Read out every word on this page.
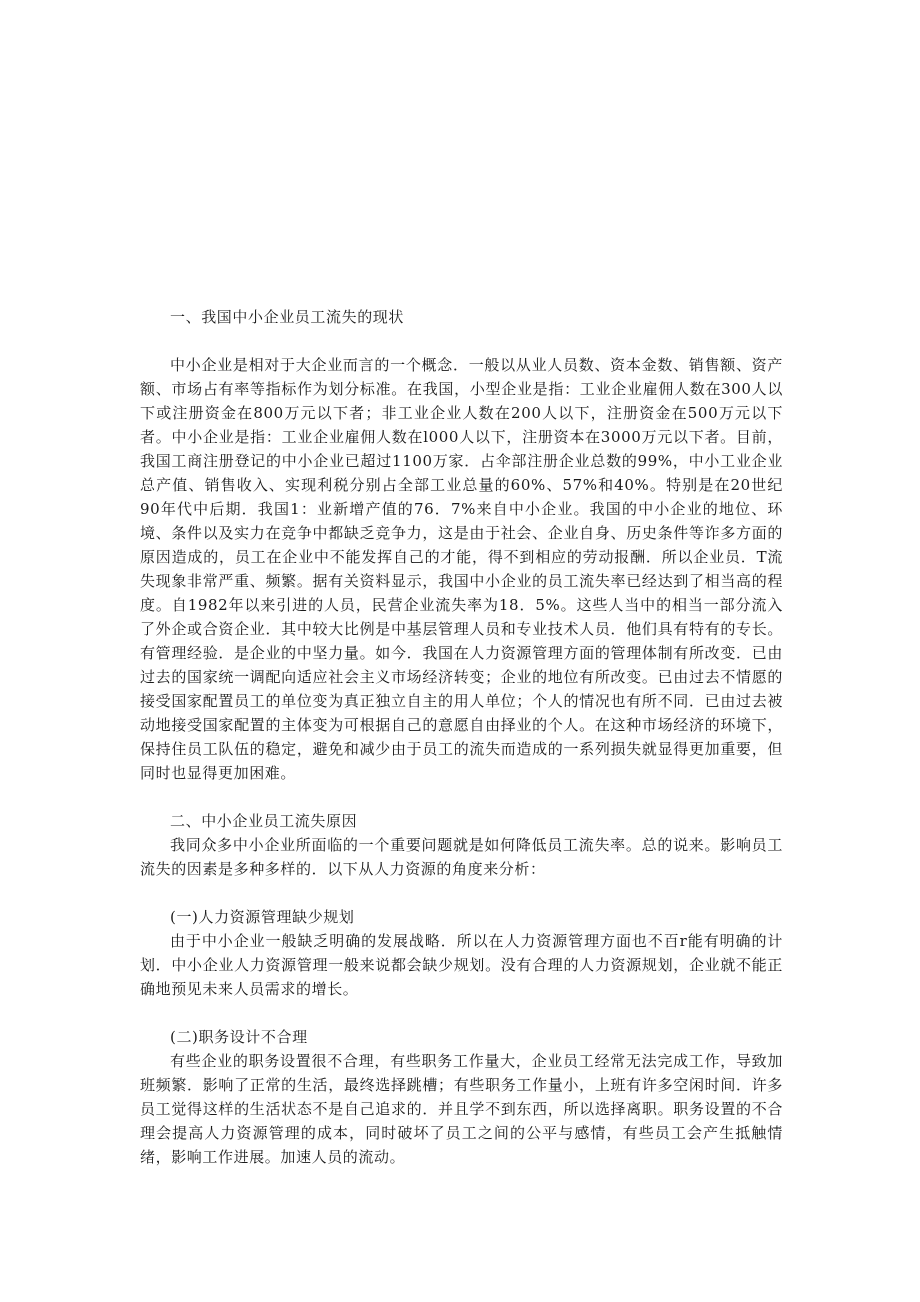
一、我国中小企业员工流失的现状

中小企业是相对于大企业而言的一个概念．一般以从业人员数、资本金数、销售额、资产额、市场占有率等指标作为划分标准。在我国，小型企业是指：工业企业雇佣人数在300人以下或注册资金在800万元以下者；非工业企业人数在200人以下，注册资金在500万元以下者。中小企业是指：工业企业雇佣人数在l000人以下，注册资本在3000万元以下者。目前，我国工商注册登记的中小企业已超过1100万家．占伞部注册企业总数的99%，中小工业企业总产值、销售收入、实现利税分别占全部工业总量的60%、57%和40%。特别是在20世纪90年代中后期．我国1：业新增产值的76．7%来自中小企业。我国的中小企业的地位、环境、条件以及实力在竞争中都缺乏竞争力，这是由于社会、企业自身、历史条件等诈多方面的原因造成的，员工在企业中不能发挥自己的才能，得不到相应的劳动报酬．所以企业员．T流失现象非常严重、频繁。据有关资料显示，我国中小企业的员工流失率已经达到了相当高的程度。自1982年以来引进的人员，民营企业流失率为18．5%。这些人当中的相当一部分流入了外企或合资企业．其中较大比例是中基层管理人员和专业技术人员．他们具有特有的专长。有管理经验．是企业的中坚力量。如今．我国在人力资源管理方面的管理体制有所改变．已由过去的国家统一调配向适应社会主义市场经济转变；企业的地位有所改变。已由过去不情愿的接受国家配置员工的单位变为真正独立自主的用人单位；个人的情况也有所不同．已由过去被动地接受国家配置的主体变为可根据自己的意愿自由择业的个人。在这种市场经济的环境下，保持住员工队伍的稳定，避免和减少由于员工的流失而造成的一系列损失就显得更加重要，但同时也显得更加困难。

二、中小企业员工流失原因

我同众多中小企业所面临的一个重要问题就是如何降低员工流失率。总的说来。影响员工流失的因素是多种多样的．以下从人力资源的角度来分析：

(一)人力资源管理缺少规划

由于中小企业一般缺乏明确的发展战略．所以在人力资源管理方面也不百r能有明确的计划．中小企业人力资源管理一般来说都会缺少规划。没有合理的人力资源规划，企业就不能正确地预见未来人员需求的增长。

(二)职务设计不合理

有些企业的职务设置很不合理，有些职务工作量大，企业员工经常无法完成工作，导致加班频繁．影响了正常的生活，最终选择跳槽；有些职务工作量小，上班有许多空闲时间．许多员工觉得这样的生活状态不是自己追求的．并且学不到东西，所以选择离职。职务设置的不合理会提高人力资源管理的成本，同时破坏了员工之间的公平与感情，有些员工会产生抵触情绪，影响工作进展。加速人员的流动。
